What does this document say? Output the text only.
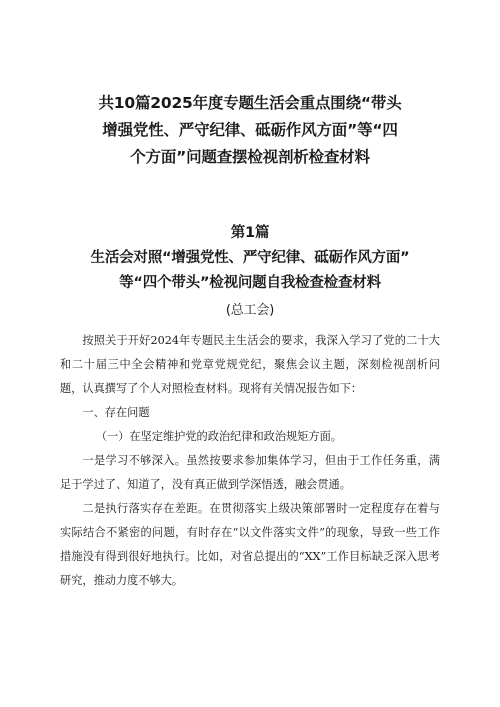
共10篇2025年度专题生活会重点围绕“带头
增强党性、严守纪律、砥砺作风方面”等“四
个方面”问题查摆检视剖析检查材料
第1篇
生活会对照“增强党性、严守纪律、砥砺作风方面”
等“四个带头”检视问题自我检查检查材料
(总工会)

按照关于开好2024年专题民主生活会的要求，我深入学习了党的二十大和二十届三中全会精神和党章党规党纪，聚焦会议主题，深刻检视剖析问题，认真撰写了个人对照检查材料。现将有关情况报告如下：

一、存在问题

（一）在坚定维护党的政治纪律和政治规矩方面。

一是学习不够深入。虽然按要求参加集体学习，但由于工作任务重，满足于学过了、知道了，没有真正做到学深悟透，融会贯通。

二是执行落实存在差距。在贯彻落实上级决策部署时一定程度存在着与实际结合不紧密的问题，有时存在“以文件落实文件”的现象，导致一些工作措施没有得到很好地执行。比如，对省总提出的“XX”工作目标缺乏深入思考研究，推动力度不够大。
